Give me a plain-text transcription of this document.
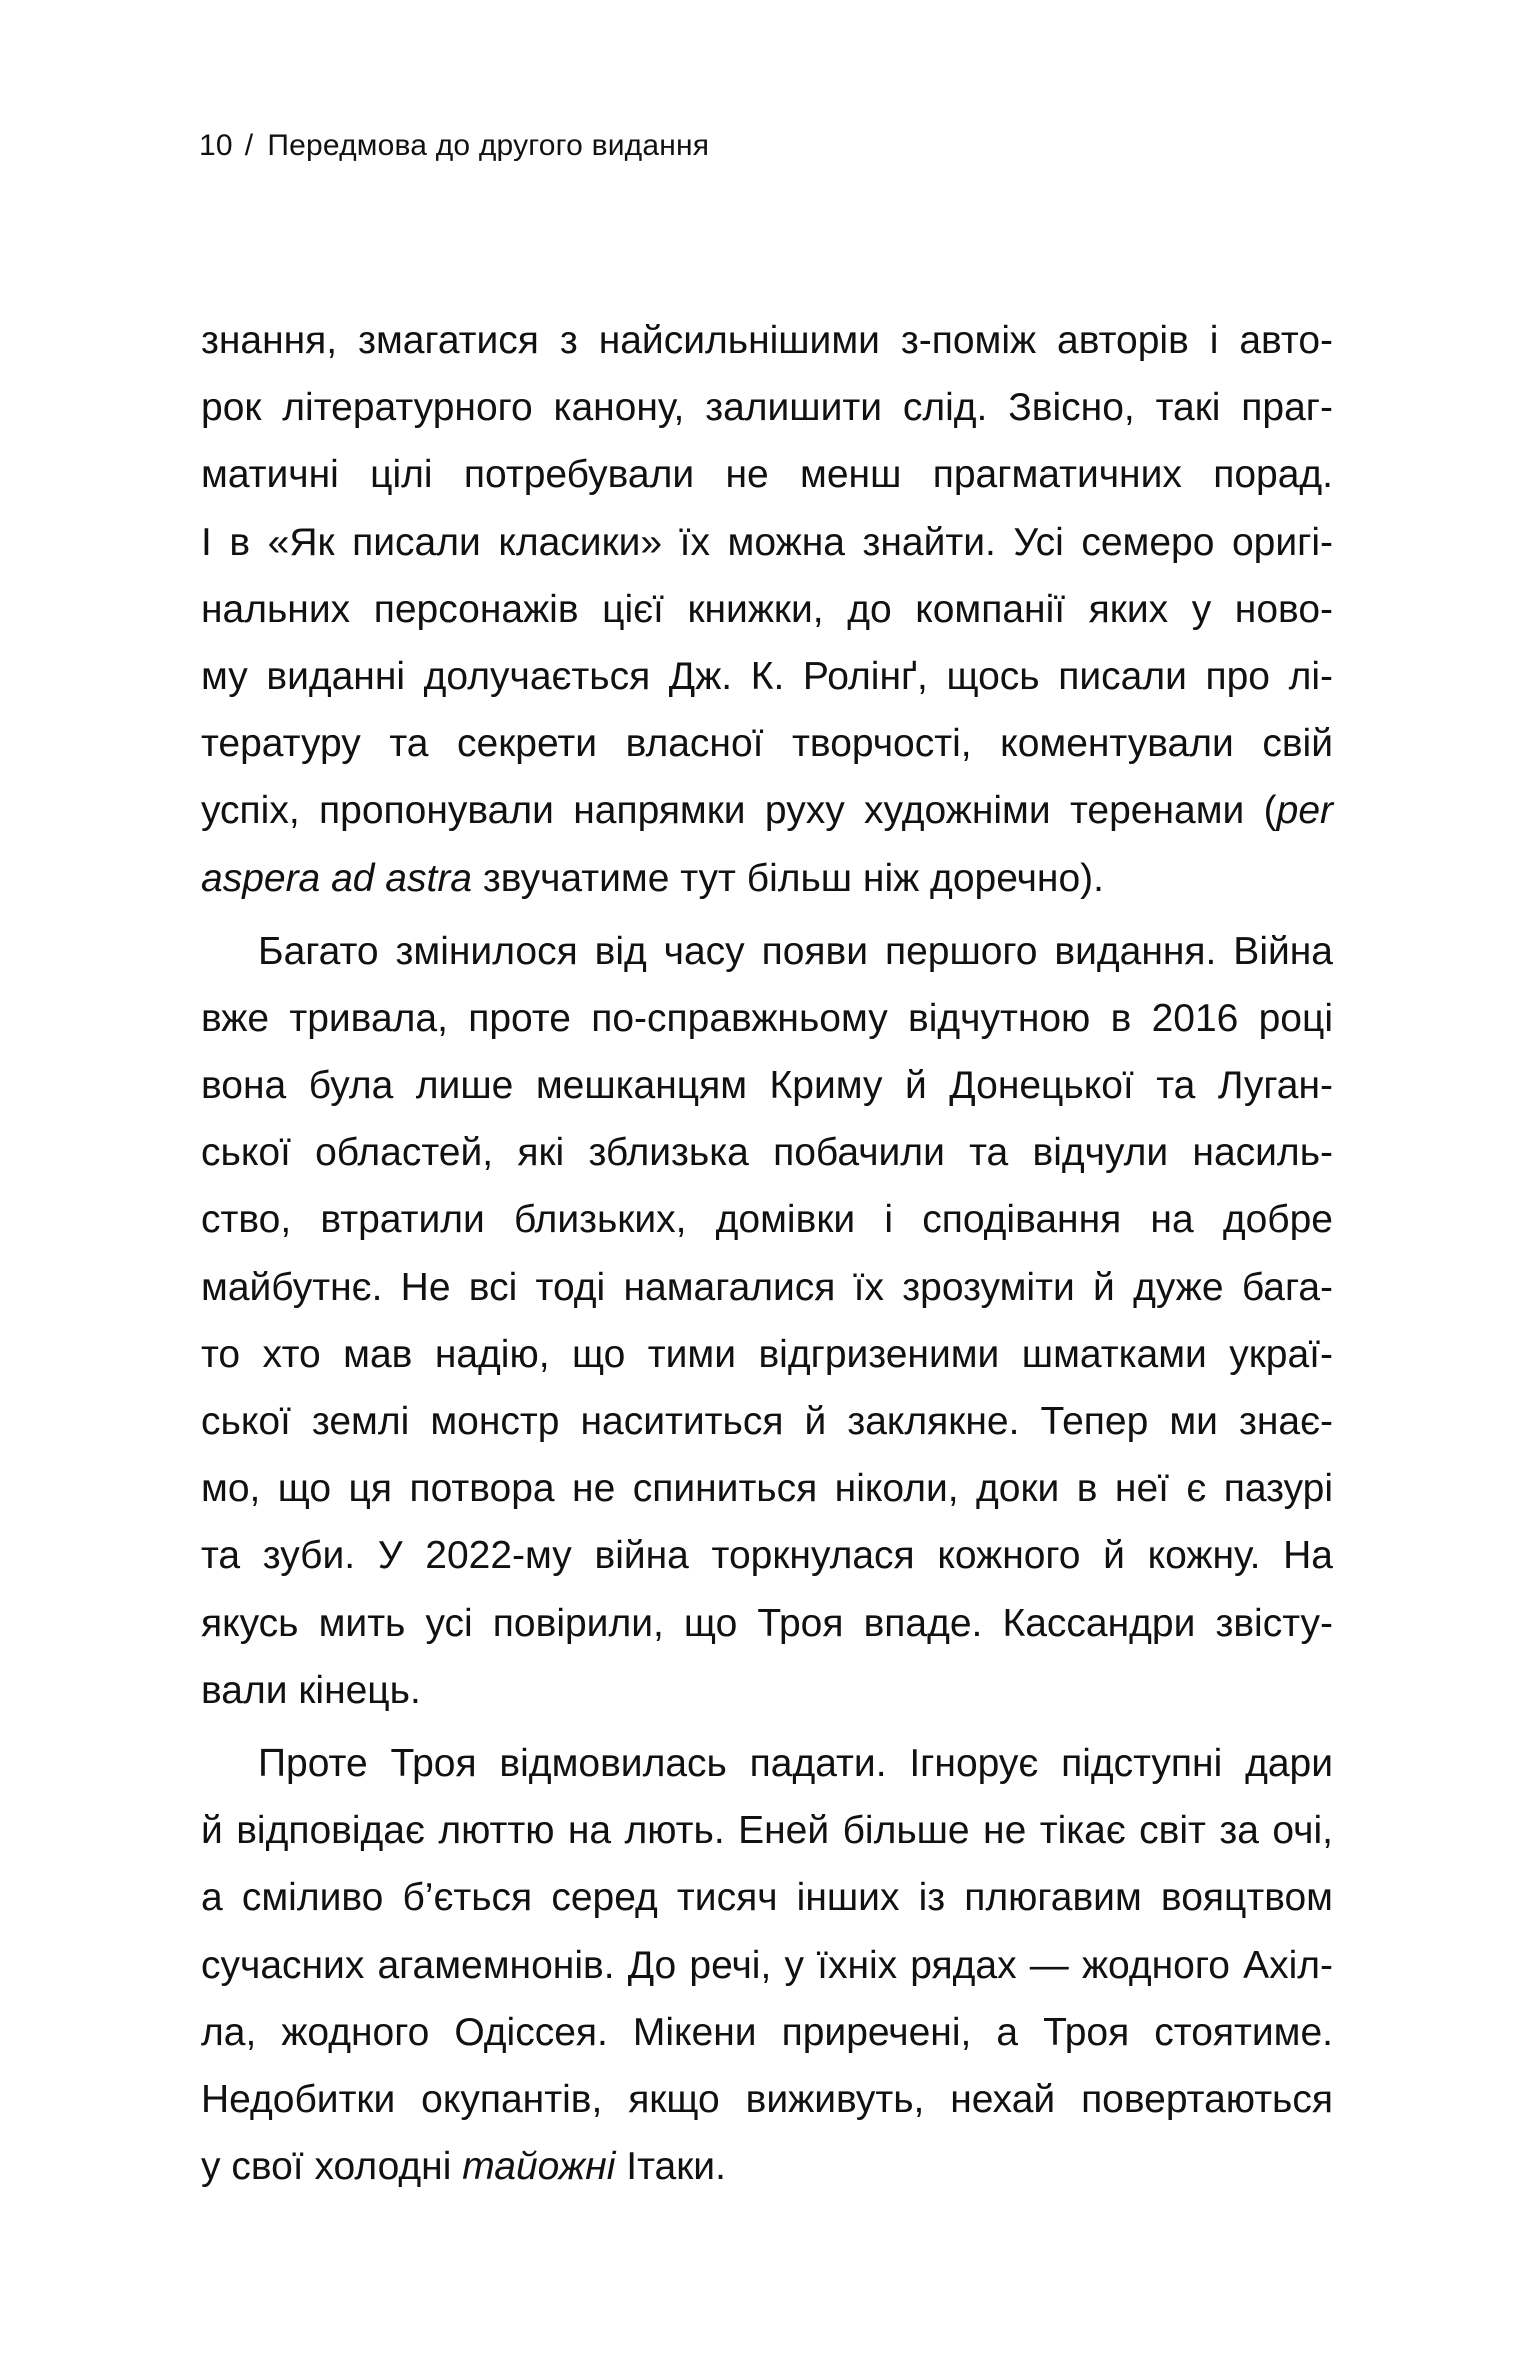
10 / Передмова до другого видання
знання, змагатися з найсильнішими з-поміж авторів і авто-
рок літературного канону, залишити слід. Звісно, такі праг-
матичні цілі потребували не менш прагматичних порад.
І в «Як писали класики» їх можна знайти. Усі семеро оригі-
нальних персонажів цієї книжки, до компанії яких у ново-
му виданні долучається Дж. К. Ролінґ, щось писали про лі-
тературу та секрети власної творчості, коментували свій
успіх, пропонували напрямки руху художніми теренами (per
aspera ad astra звучатиме тут більш ніж доречно).
Багато змінилося від часу появи першого видання. Війна
вже тривала, проте по-справжньому відчутною в 2016 році
вона була лише мешканцям Криму й Донецької та Луган-
ської областей, які зблизька побачили та відчули насиль-
ство, втратили близьких, домівки і сподівання на добре
майбутнє. Не всі тоді намагалися їх зрозуміти й дуже бага-
то хто мав надію, що тими відгризеними шматками украї-
ської землі монстр насититься й заклякне. Тепер ми знає-
мо, що ця потвора не спиниться ніколи, доки в неї є пазурі
та зуби. У 2022-му війна торкнулася кожного й кожну. На
якусь мить усі повірили, що Троя впаде. Кассандри звісту-
вали кінець.
Проте Троя відмовилась падати. Ігнорує підступні дари
й відповідає люттю на лють. Еней більше не тікає світ за очі,
а сміливо б’ється серед тисяч інших із плюгавим вояцтвом
сучасних агамемнонів. До речі, у їхніх рядах — жодного Ахіл-
ла, жодного Одіссея. Мікени приречені, а Троя стоятиме.
Недобитки окупантів, якщо виживуть, нехай повертаються
у свої холодні тайожні Ітаки.
